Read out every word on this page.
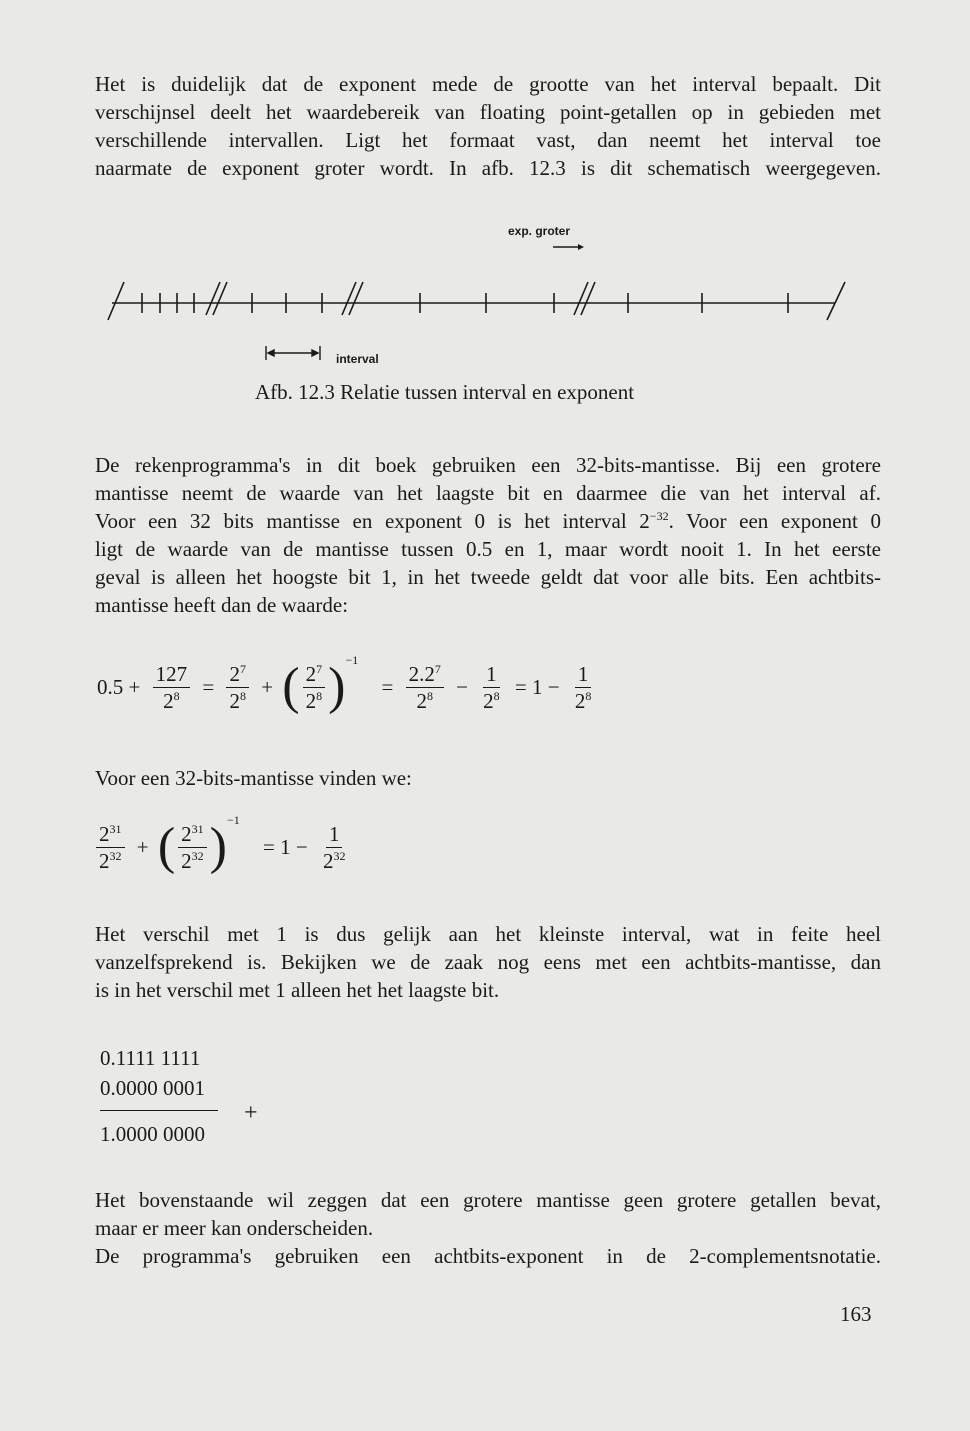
Het is duidelijk dat de exponent mede de grootte van het interval bepaalt. Dit
verschijnsel deelt het waardebereik van floating point-getallen op in gebieden met
verschillende intervallen. Ligt het formaat vast, dan neemt het interval toe
naarmate de exponent groter wordt. In afb. 12.3 is dit schematisch weergegeven.
exp. groter
interval
Afb. 12.3 Relatie tussen interval en exponent
De rekenprogramma's in dit boek gebruiken een 32-bits-mantisse. Bij een grotere
mantisse neemt de waarde van het laagste bit en daarmee die van het interval af.
Voor een 32 bits mantisse en exponent 0 is het interval $2^{-32}$. Voor een exponent 0
ligt de waarde van de mantisse tussen 0.5 en 1, maar wordt nooit 1. In het eerste
geval is alleen het hoogste bit 1, in het tweede geldt dat voor alle bits. Een achtbits-
mantisse heeft dan de waarde:
$0.5 + \frac{127}{2^8} = \frac{2^7}{2^8}$ + ( $\frac{2^7}{2^8} )^{-1} = \frac{2.2^7}{2^8} - \frac{1}{2^8} = 1 - \frac{1}{2^8}$
Voor een 32-bits-mantisse vinden we:
$\frac{2^{31}}{2^{32}}$ + ( $\frac{2^{31}}{2^{32}} )^{-1} = 1 - \frac{1}{2^{32}}$
Het verschil met 1 is dus gelijk aan het kleinste interval, wat in feite heel
vanzelfsprekend is. Bekijken we de zaak nog eens met een achtbits-mantisse, dan
is in het verschil met 1 alleen het het laagste bit.
0.1111 1111
0.0000 0001
+
1.0000 0000
Het bovenstaande wil zeggen dat een grotere mantisse geen grotere getallen bevat,
maar er meer kan onderscheiden.
De programma's gebruiken een achtbits-exponent in de 2-complementsnotatie.
163
